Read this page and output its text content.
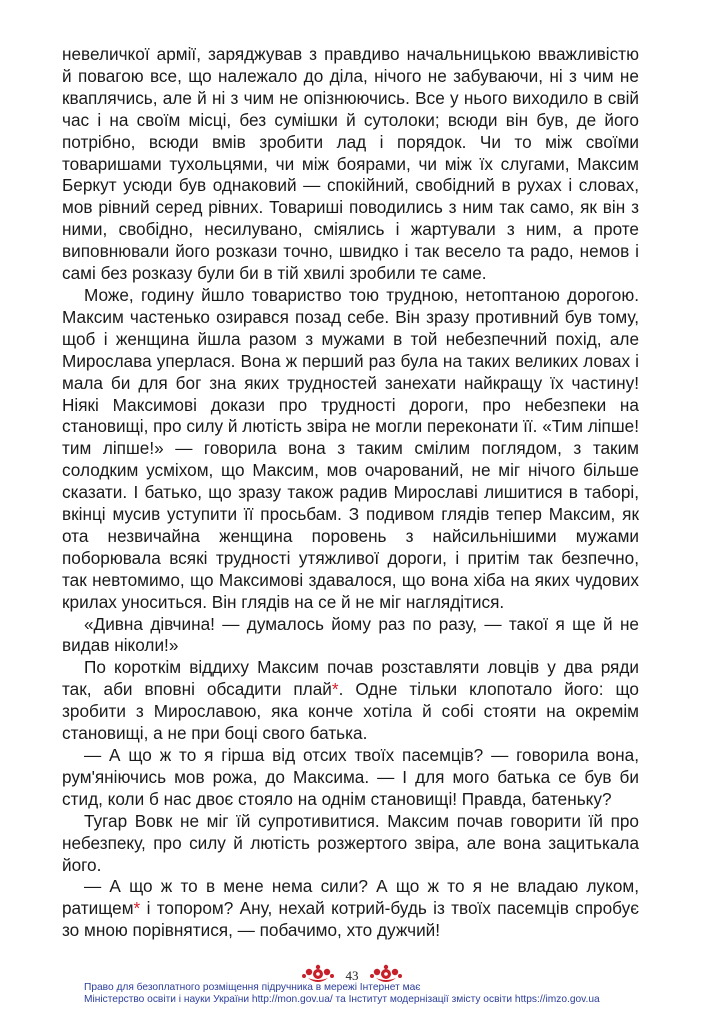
невеличкої армії, заряджував з правдиво начальницькою вважливістю й повагою все, що належало до діла, нічого не забуваючи, ні з чим не кваплячись, але й ні з чим не опізнюючись. Все у нього виходило в свій час і на своїм місці, без сумішки й сутолоки; всюди він був, де його потрібно, всюди вмів зробити лад і порядок. Чи то між своїми товаришами тухольцями, чи між боярами, чи між їх слугами, Максим Беркут усюди був однаковий — спокійний, свобідний в рухах і словах, мов рівний серед рівних. Товариші поводились з ним так само, як він з ними, свобідно, несилувано, сміялись і жартували з ним, а проте виповнювали його розкази точно, швидко і так весело та радо, немов і самі без розказу були би в тій хвилі зробили те саме.

Може, годину йшло товариство тою трудною, нетоптаною дорогою. Максим частенько озирався позад себе. Він зразу противний був тому, щоб і женщина йшла разом з мужами в той небезпечний похід, але Мирослава уперлася. Вона ж перший раз була на таких великих ловах і мала би для бог зна яких трудностей занехати найкращу їх частину! Ніякі Максимові докази про трудності дороги, про небезпеки на становищі, про силу й лютість звіра не могли переконати її. «Тим ліпше! тим ліпше!» — говорила вона з таким смілим поглядом, з таким солодким усміхом, що Максим, мов очарований, не міг нічого більше сказати. І батько, що зразу також радив Мирославі лишитися в таборі, вкінці мусив уступити її просьбам. З подивом глядів тепер Максим, як ота незвичайна женщина поровень з найсильнішими мужами поборювала всякі трудності утяжливої дороги, і притім так безпечно, так невтомимо, що Максимові здавалося, що вона хіба на яких чудових крилах уноситься. Він глядів на се й не міг наглядітися.

«Дивна дівчина! — думалось йому раз по разу, — такої я ще й не видав ніколи!»

По короткім віддиху Максим почав розставляти ловців у два ряди так, аби вповні обсадити плай*. Одне тільки клопотало його: що зробити з Мирославою, яка конче хотіла й собі стояти на окремім становищі, а не при боці свого батька.

— А що ж то я гірша від отсих твоїх пасемців? — говорила вона, рум'яніючись мов рожа, до Максима. — І для мого батька се був би стид, коли б нас двоє стояло на однім становищі! Правда, батеньку?

Тугар Вовк не міг їй супротивитися. Максим почав говорити їй про небезпеку, про силу й лютість розжертого звіра, але вона зацитькала його.

— А що ж то в мене нема сили? А що ж то я не владаю луком, ратищем* і топором? Ану, нехай котрий-будь із твоїх пасемців спробує зо мною порівнятися, — побачимо, хто дужчий!

43
Право для безоплатного розміщення підручника в мережі Інтернет має
Міністерство освіти і науки України http://mon.gov.ua/ та Інститут модернізації змісту освіти https://imzo.gov.ua
